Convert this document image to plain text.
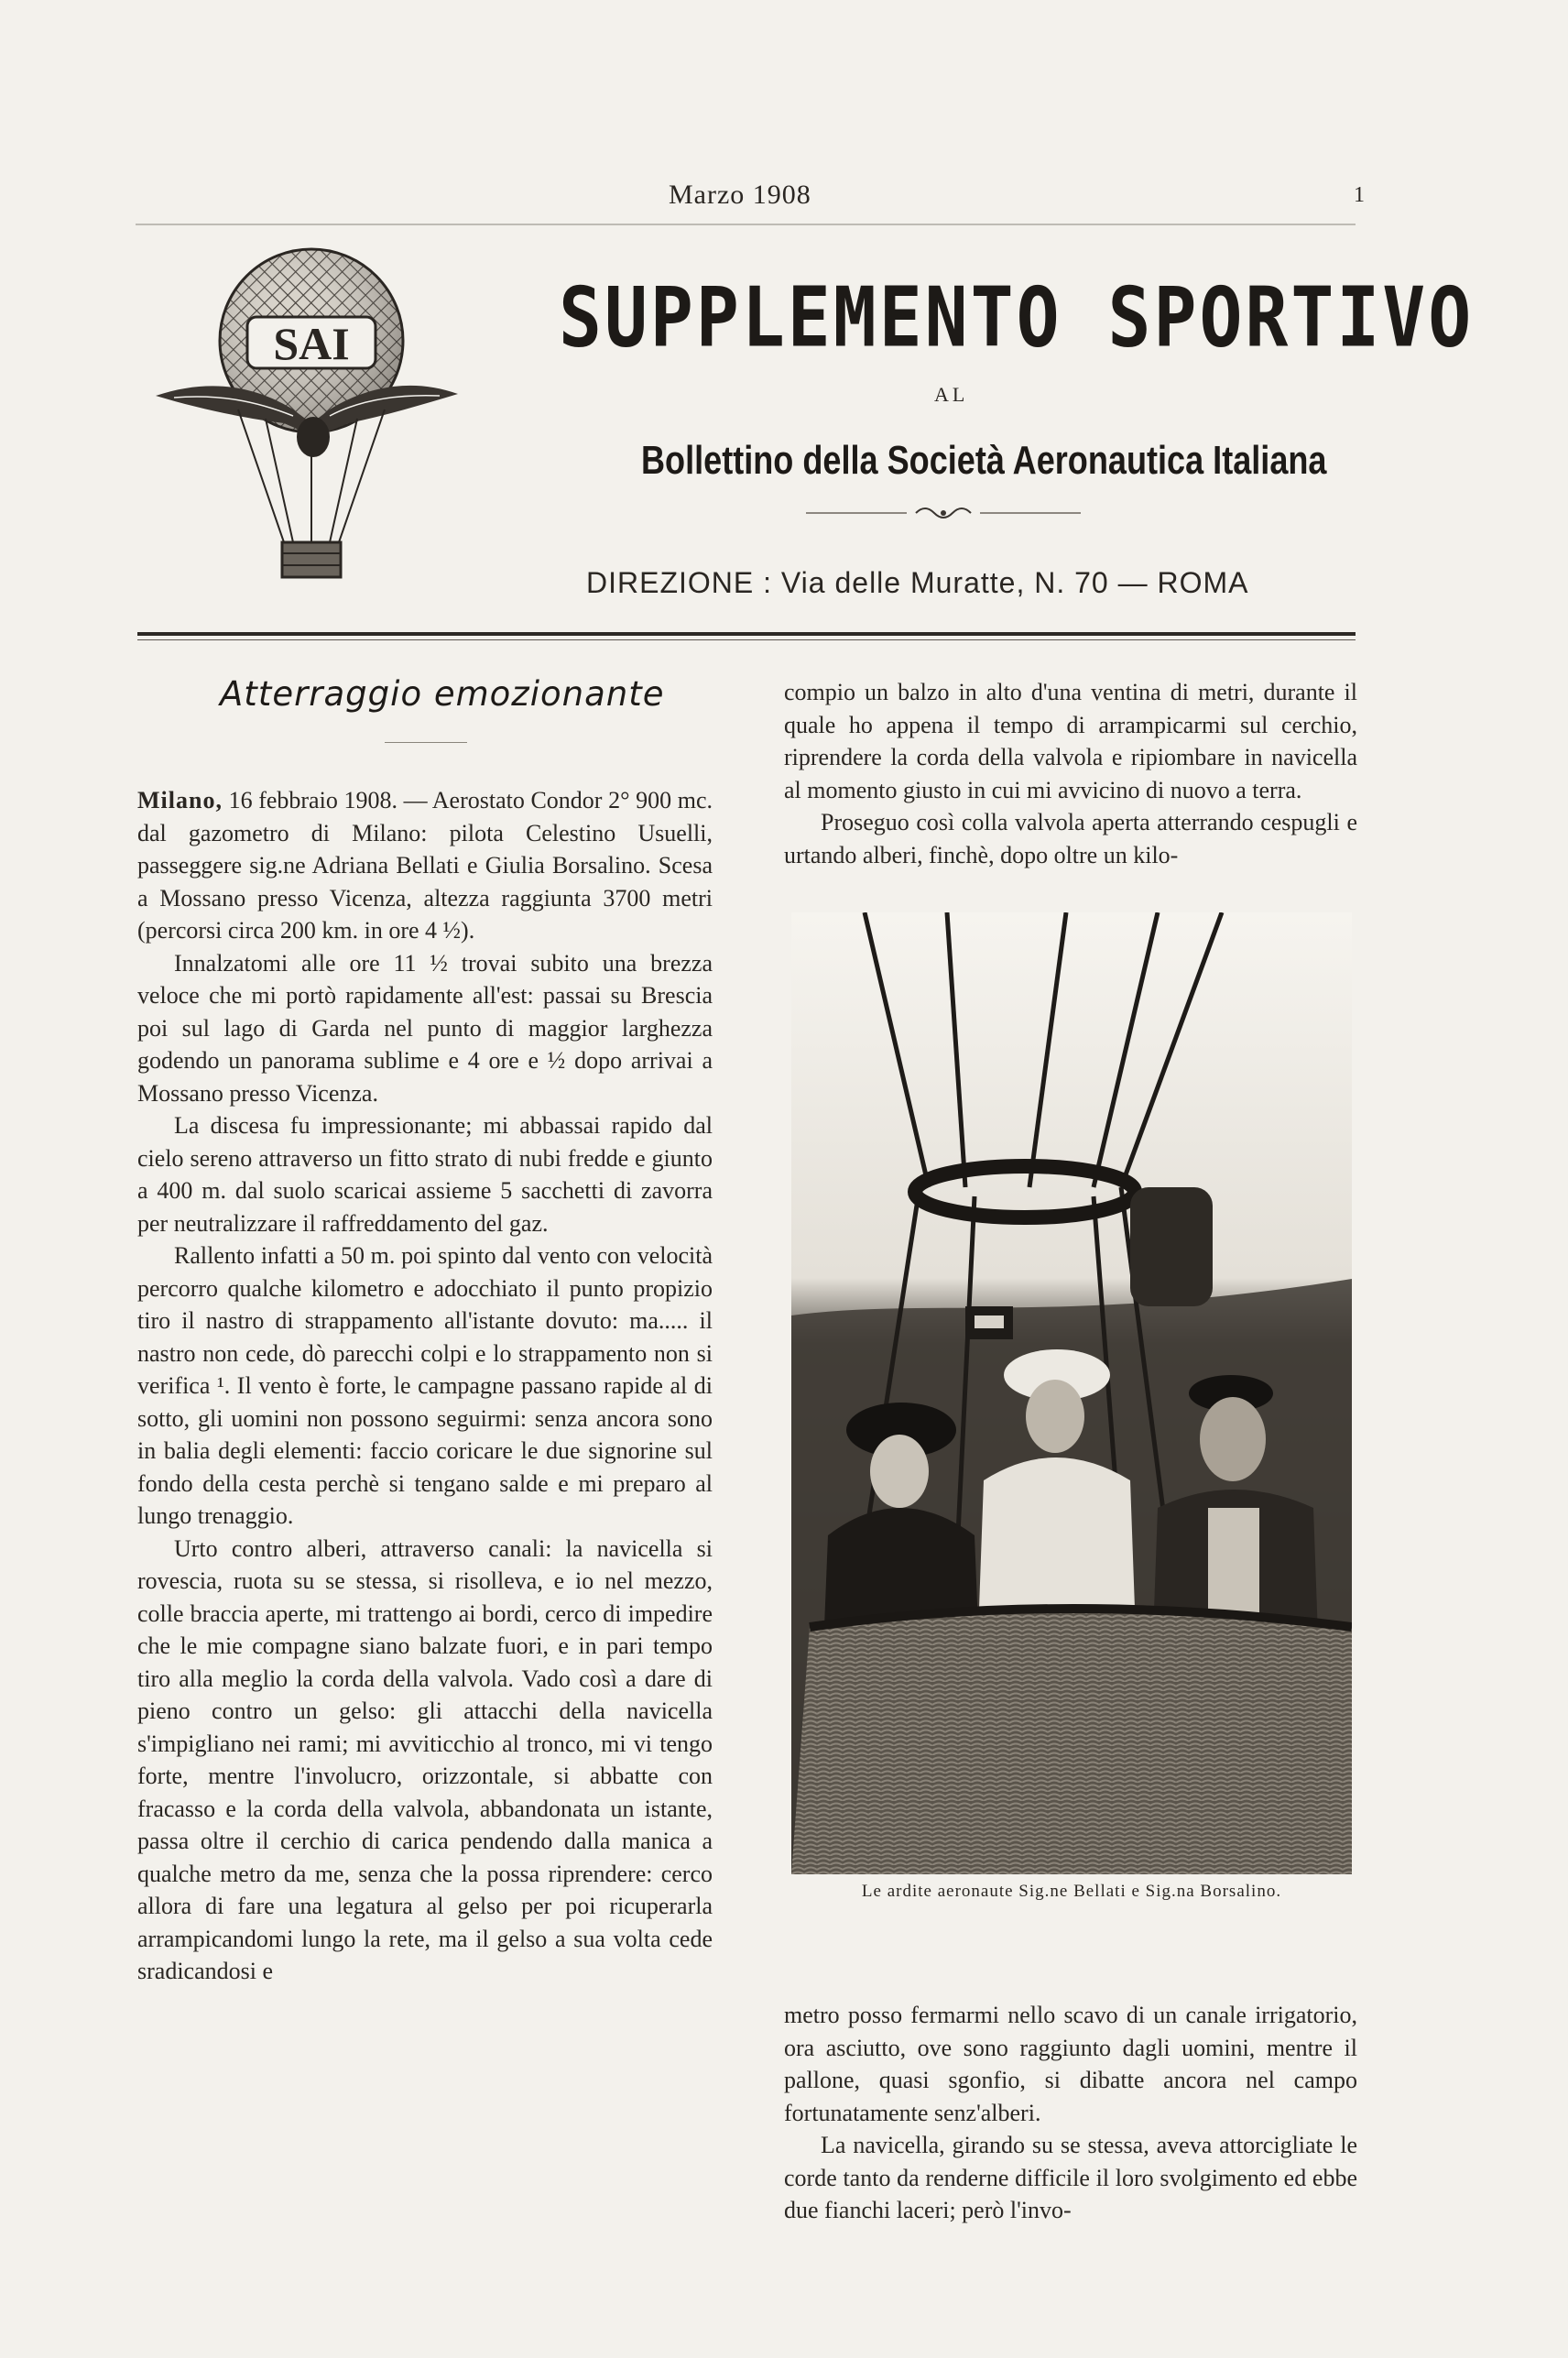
Marzo 1908	1
SAI	SUPPLEMENTO SPORTIVO
AL
Bollettino della Società Aeronautica Italiana
DIREZIONE : Via delle Muratte, N. 70 — ROMA
Atterraggio emozionante

Milano, 16 febbraio 1908. — Aerostato Condor 2° 900 mc. dal gazometro di Milano: pilota Celestino Usuelli, passeggere sig.ne Adriana Bellati e Giulia Borsalino. Scesa a Mossano presso Vicenza, altezza raggiunta 3700 metri (percorsi circa 200 km. in ore 4 ½).

Innalzatomi alle ore 11 ½ trovai subito una brezza veloce che mi portò rapidamente all'est: passai su Brescia poi sul lago di Garda nel punto di maggior larghezza godendo un panorama sublime e 4 ore e ½ dopo arrivai a Mossano presso Vicenza.

La discesa fu impressionante; mi abbassai rapido dal cielo sereno attraverso un fitto strato di nubi fredde e giunto a 400 m. dal suolo scaricai assieme 5 sacchetti di zavorra per neutralizzare il raffreddamento del gaz.

Rallento infatti a 50 m. poi spinto dal vento con velocità percorro qualche kilometro e adocchiato il punto propizio tiro il nastro di strappamento all'istante dovuto: ma..... il nastro non cede, dò parecchi colpi e lo strappamento non si verifica ¹. Il vento è forte, le campagne passano rapide al di sotto, gli uomini non possono seguirmi: senza ancora sono in balia degli elementi: faccio coricare le due signorine sul fondo della cesta perchè si tengano salde e mi preparo al lungo trenaggio.

Urto contro alberi, attraverso canali: la navicella si rovescia, ruota su se stessa, si risolleva, e io nel mezzo, colle braccia aperte, mi trattengo ai bordi, cerco di impedire che le mie compagne siano balzate fuori, e in pari tempo tiro alla meglio la corda della valvola. Vado così a dare di pieno contro un gelso: gli attacchi della navicella s'impigliano nei rami; mi avviticchio al tronco, mi vi tengo forte, mentre l'involucro, orizzontale, si abbatte con fracasso e la corda della valvola, abbandonata un istante, passa oltre il cerchio di carica pendendo dalla manica a qualche metro da me, senza che la possa riprendere: cerco allora di fare una legatura al gelso per poi ricuperarla arrampicandomi lungo la rete, ma il gelso a sua volta cede sradicandosi e

compio un balzo in alto d'una ventina di metri, durante il quale ho appena il tempo di arrampicarmi sul cerchio, riprendere la corda della valvola e ripiombare in navicella al momento giusto in cui mi avvicino di nuovo a terra.

Proseguo così colla valvola aperta atterrando cespugli e urtando alberi, finchè, dopo oltre un kilo-

Le ardite aeronaute Sig.ne Bellati e Sig.na Borsalino.

metro posso fermarmi nello scavo di un canale irrigatorio, ora asciutto, ove sono raggiunto dagli uomini, mentre il pallone, quasi sgonfio, si dibatte ancora nel campo fortunatamente senz'alberi.

La navicella, girando su se stessa, aveva attorcigliate le corde tanto da renderne difficile il loro svolgimento ed ebbe due fianchi laceri; però l'invo-
